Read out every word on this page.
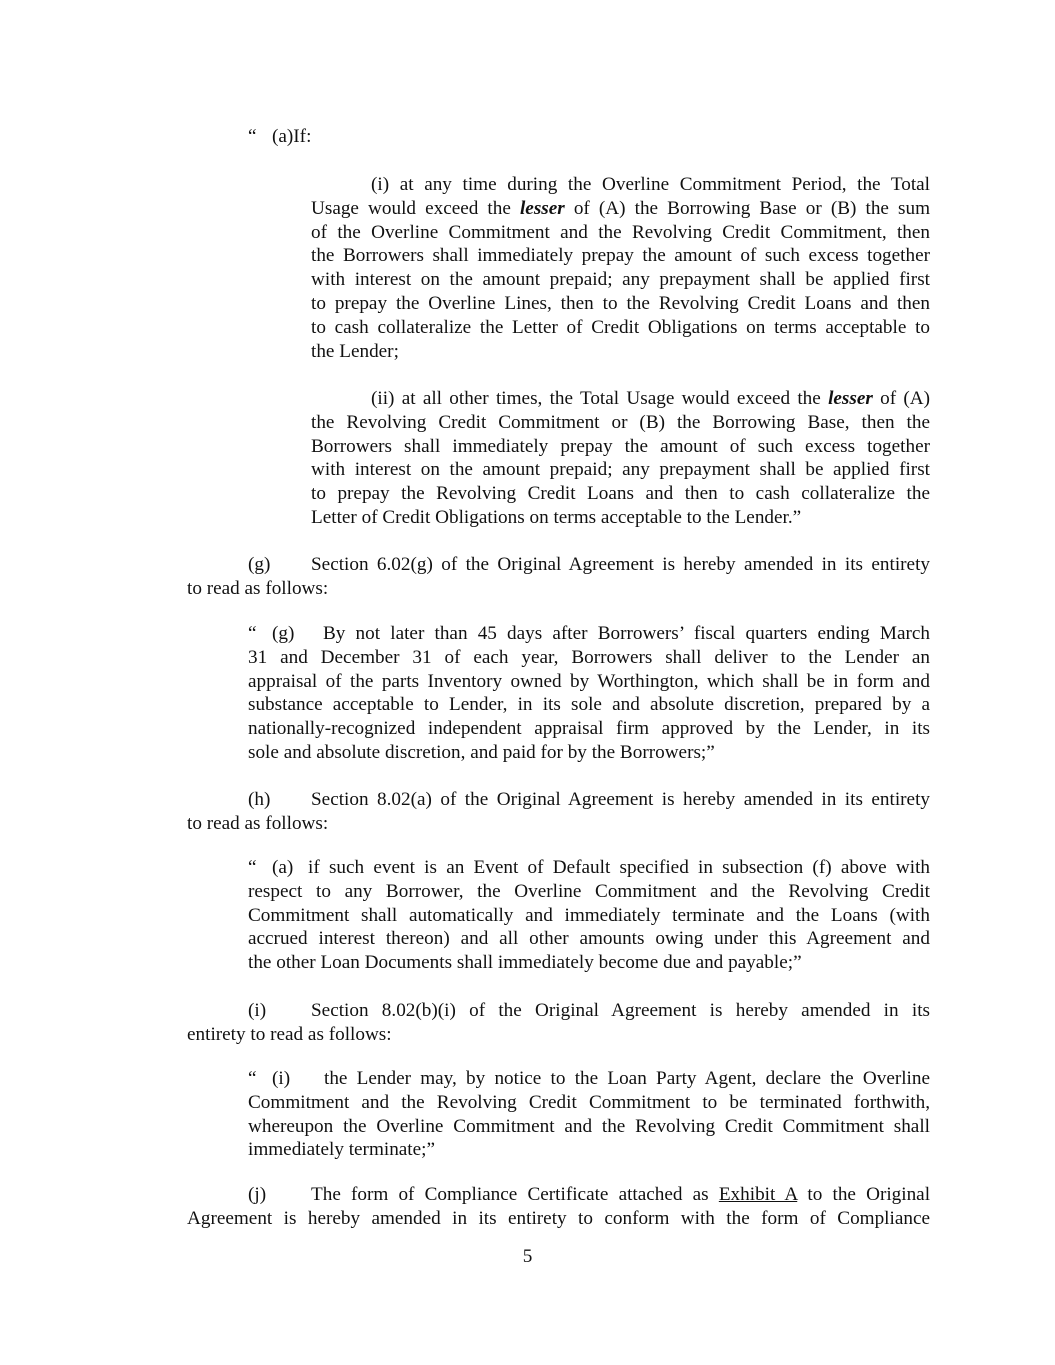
“ (a)If:
(i) at any time during the Overline Commitment Period, the Total
Usage would exceed the lesser of (A) the Borrowing Base or (B) the sum
of the Overline Commitment and the Revolving Credit Commitment, then
the Borrowers shall immediately prepay the amount of such excess together
with interest on the amount prepaid; any prepayment shall be applied first
to prepay the Overline Lines, then to the Revolving Credit Loans and then
to cash collateralize the Letter of Credit Obligations on terms acceptable to
the Lender;
(ii) at all other times, the Total Usage would exceed the lesser of (A)
the Revolving Credit Commitment or (B) the Borrowing Base, then the
Borrowers shall immediately prepay the amount of such excess together
with interest on the amount prepaid; any prepayment shall be applied first
to prepay the Revolving Credit Loans and then to cash collateralize the
Letter of Credit Obligations on terms acceptable to the Lender.”
(g) Section 6.02(g) of the Original Agreement is hereby amended in its entirety
to read as follows:
“ (g) By not later than 45 days after Borrowers’ fiscal quarters ending March
31 and December 31 of each year, Borrowers shall deliver to the Lender an
appraisal of the parts Inventory owned by Worthington, which shall be in form and
substance acceptable to Lender, in its sole and absolute discretion, prepared by a
nationally-recognized independent appraisal firm approved by the Lender, in its
sole and absolute discretion, and paid for by the Borrowers;”
(h) Section 8.02(a) of the Original Agreement is hereby amended in its entirety
to read as follows:
“ (a) if such event is an Event of Default specified in subsection (f) above with
respect to any Borrower, the Overline Commitment and the Revolving Credit
Commitment shall automatically and immediately terminate and the Loans (with
accrued interest thereon) and all other amounts owing under this Agreement and
the other Loan Documents shall immediately become due and payable;”
(i) Section 8.02(b)(i) of the Original Agreement is hereby amended in its
entirety to read as follows:
“ (i) the Lender may, by notice to the Loan Party Agent, declare the Overline
Commitment and the Revolving Credit Commitment to be terminated forthwith,
whereupon the Overline Commitment and the Revolving Credit Commitment shall
immediately terminate;”
(j) The form of Compliance Certificate attached as Exhibit A to the Original
Agreement is hereby amended in its entirety to conform with the form of Compliance
5
